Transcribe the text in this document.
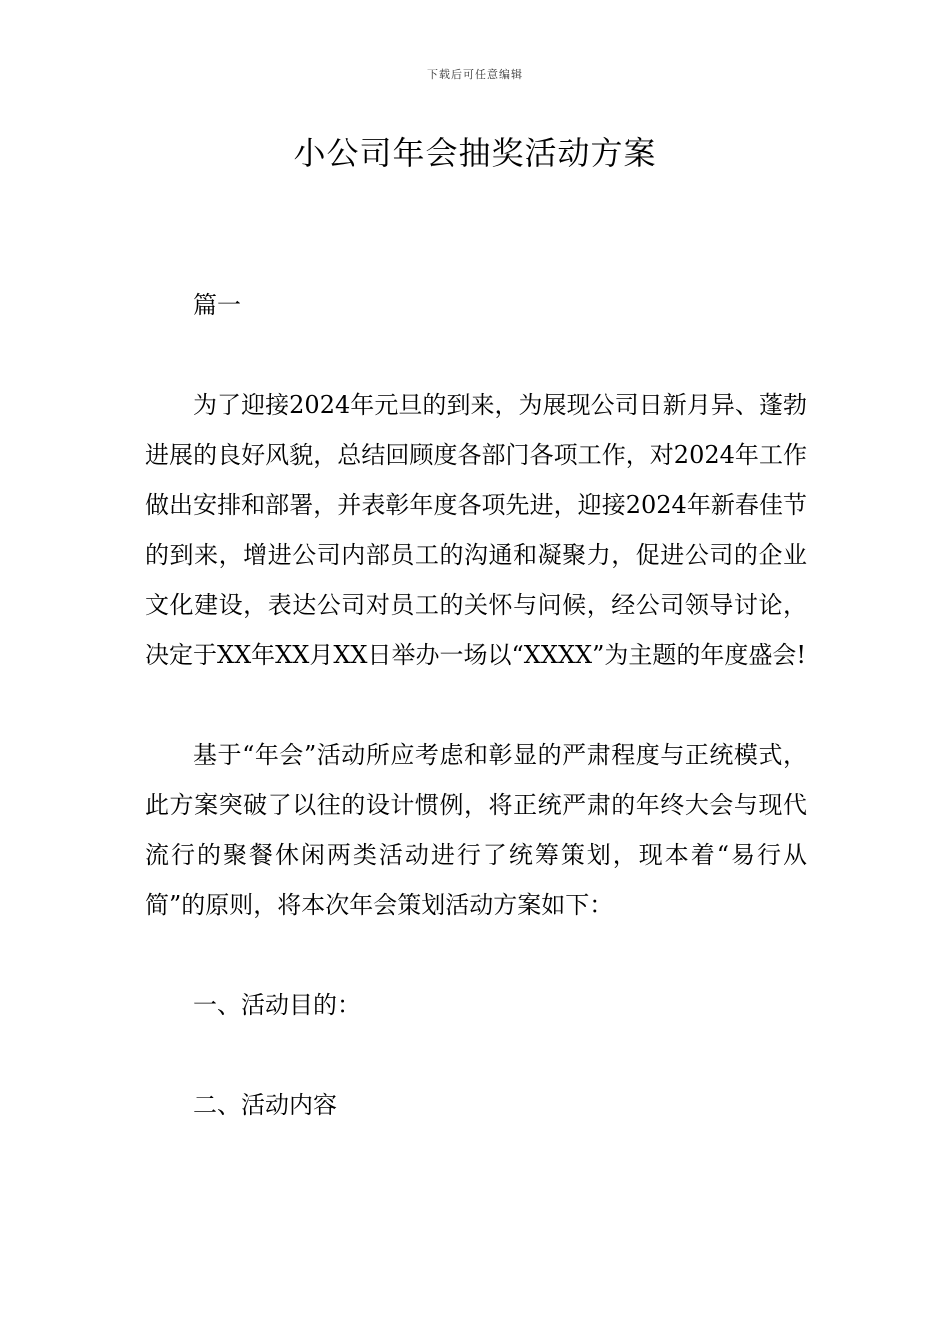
下载后可任意编辑
小公司年会抽奖活动方案

篇一

为了迎接2024年元旦的到来，为展现公司日新月异、蓬勃进展的良好风貌，总结回顾度各部门各项工作，对2024年工作做出安排和部署，并表彰年度各项先进，迎接2024年新春佳节的到来，增进公司内部员工的沟通和凝聚力，促进公司的企业文化建设，表达公司对员工的关怀与问候，经公司领导讨论，决定于XX年XX月XX日举办一场以“XXXX”为主题的年度盛会!

基于“年会”活动所应考虑和彰显的严肃程度与正统模式，此方案突破了以往的设计惯例，将正统严肃的年终大会与现代流行的聚餐休闲两类活动进行了统筹策划，现本着“易行从简”的原则，将本次年会策划活动方案如下：

一、活动目的：

二、活动内容
